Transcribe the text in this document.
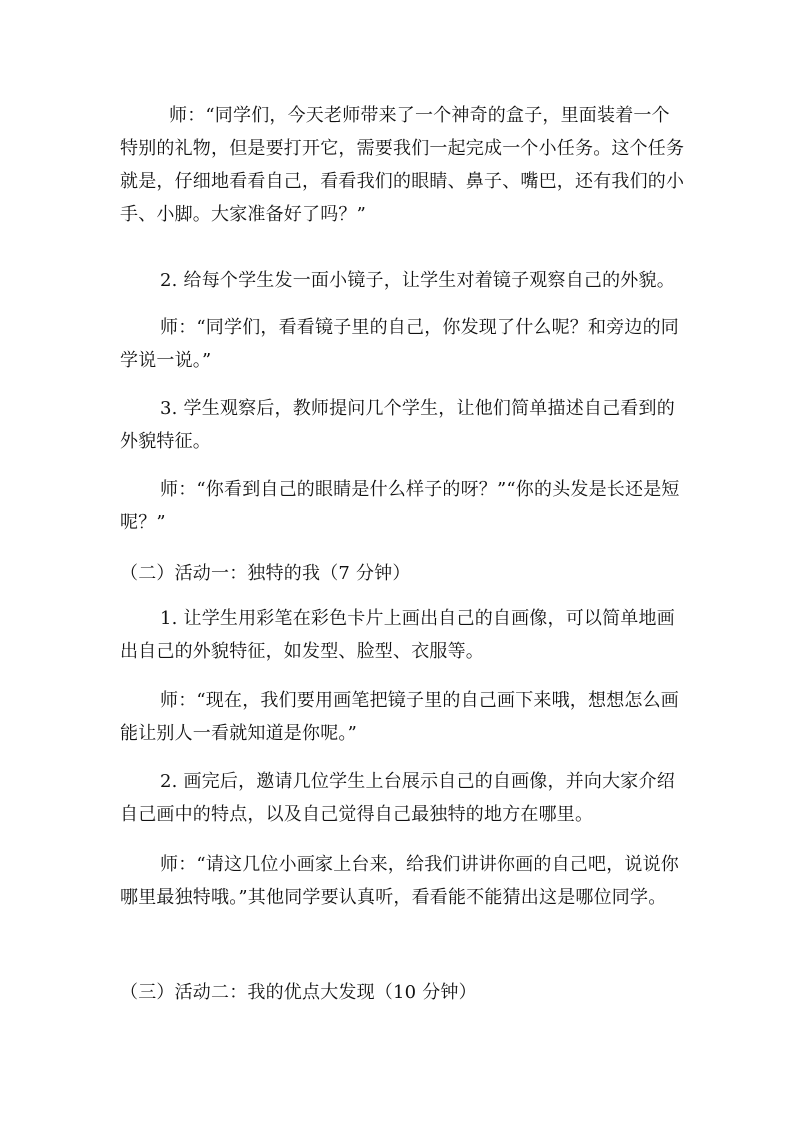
师：“同学们，今天老师带来了一个神奇的盒子，里面装着一个特别的礼物，但是要打开它，需要我们一起完成一个小任务。这个任务就是，仔细地看看自己，看看我们的眼睛、鼻子、嘴巴，还有我们的小手、小脚。大家准备好了吗？”

2. 给每个学生发一面小镜子，让学生对着镜子观察自己的外貌。

师：“同学们，看看镜子里的自己，你发现了什么呢？和旁边的同学说一说。”

3. 学生观察后，教师提问几个学生，让他们简单描述自己看到的外貌特征。

师：“你看到自己的眼睛是什么样子的呀？”“你的头发是长还是短呢？”

（二）活动一：独特的我（7 分钟）

1. 让学生用彩笔在彩色卡片上画出自己的自画像，可以简单地画出自己的外貌特征，如发型、脸型、衣服等。

师：“现在，我们要用画笔把镜子里的自己画下来哦，想想怎么画能让别人一看就知道是你呢。”

2. 画完后，邀请几位学生上台展示自己的自画像，并向大家介绍自己画中的特点，以及自己觉得自己最独特的地方在哪里。

师：“请这几位小画家上台来，给我们讲讲你画的自己吧，说说你哪里最独特哦。”其他同学要认真听，看看能不能猜出这是哪位同学。

（三）活动二：我的优点大发现（10 分钟）
